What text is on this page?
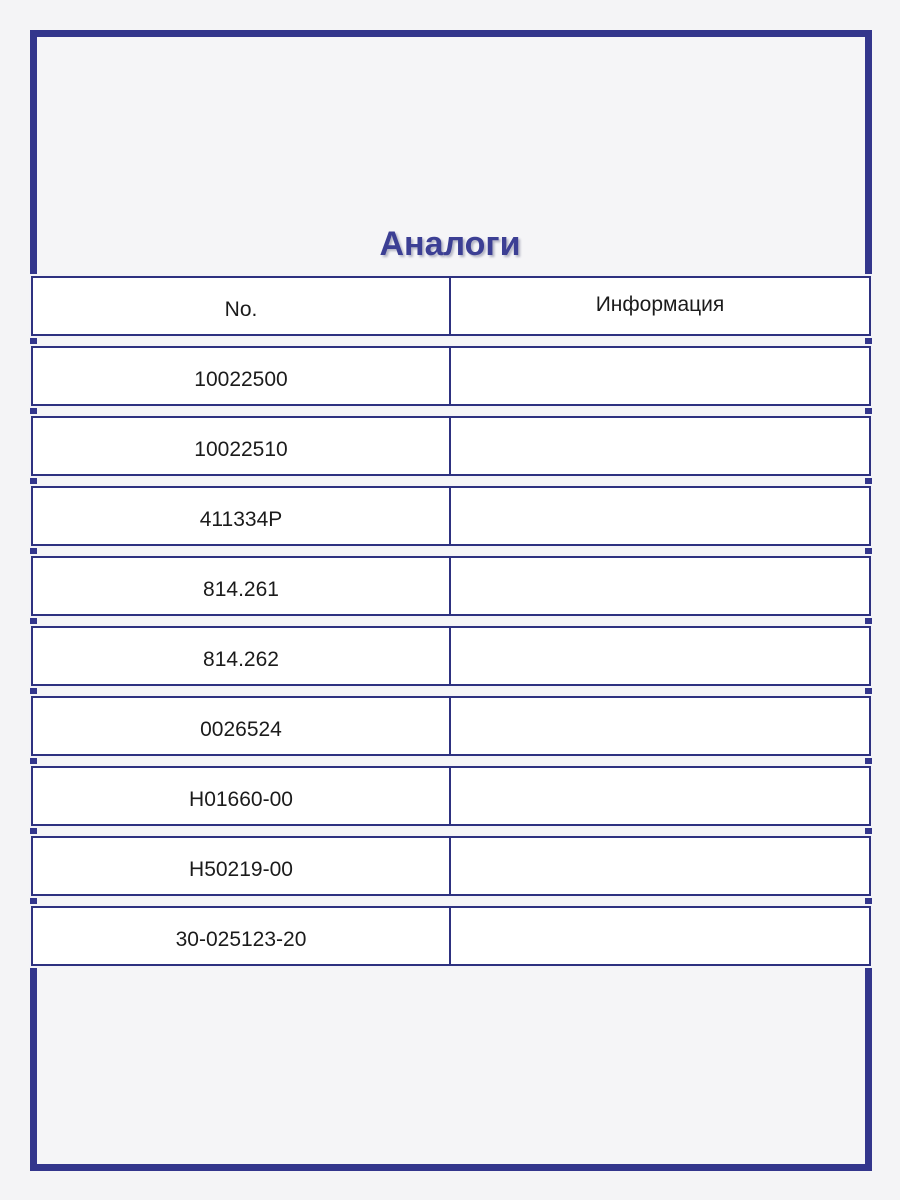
Аналоги
No.	Информация
10022500
10022510
411334P
814.261
814.262
0026524
H01660-00
H50219-00
30-025123-20
